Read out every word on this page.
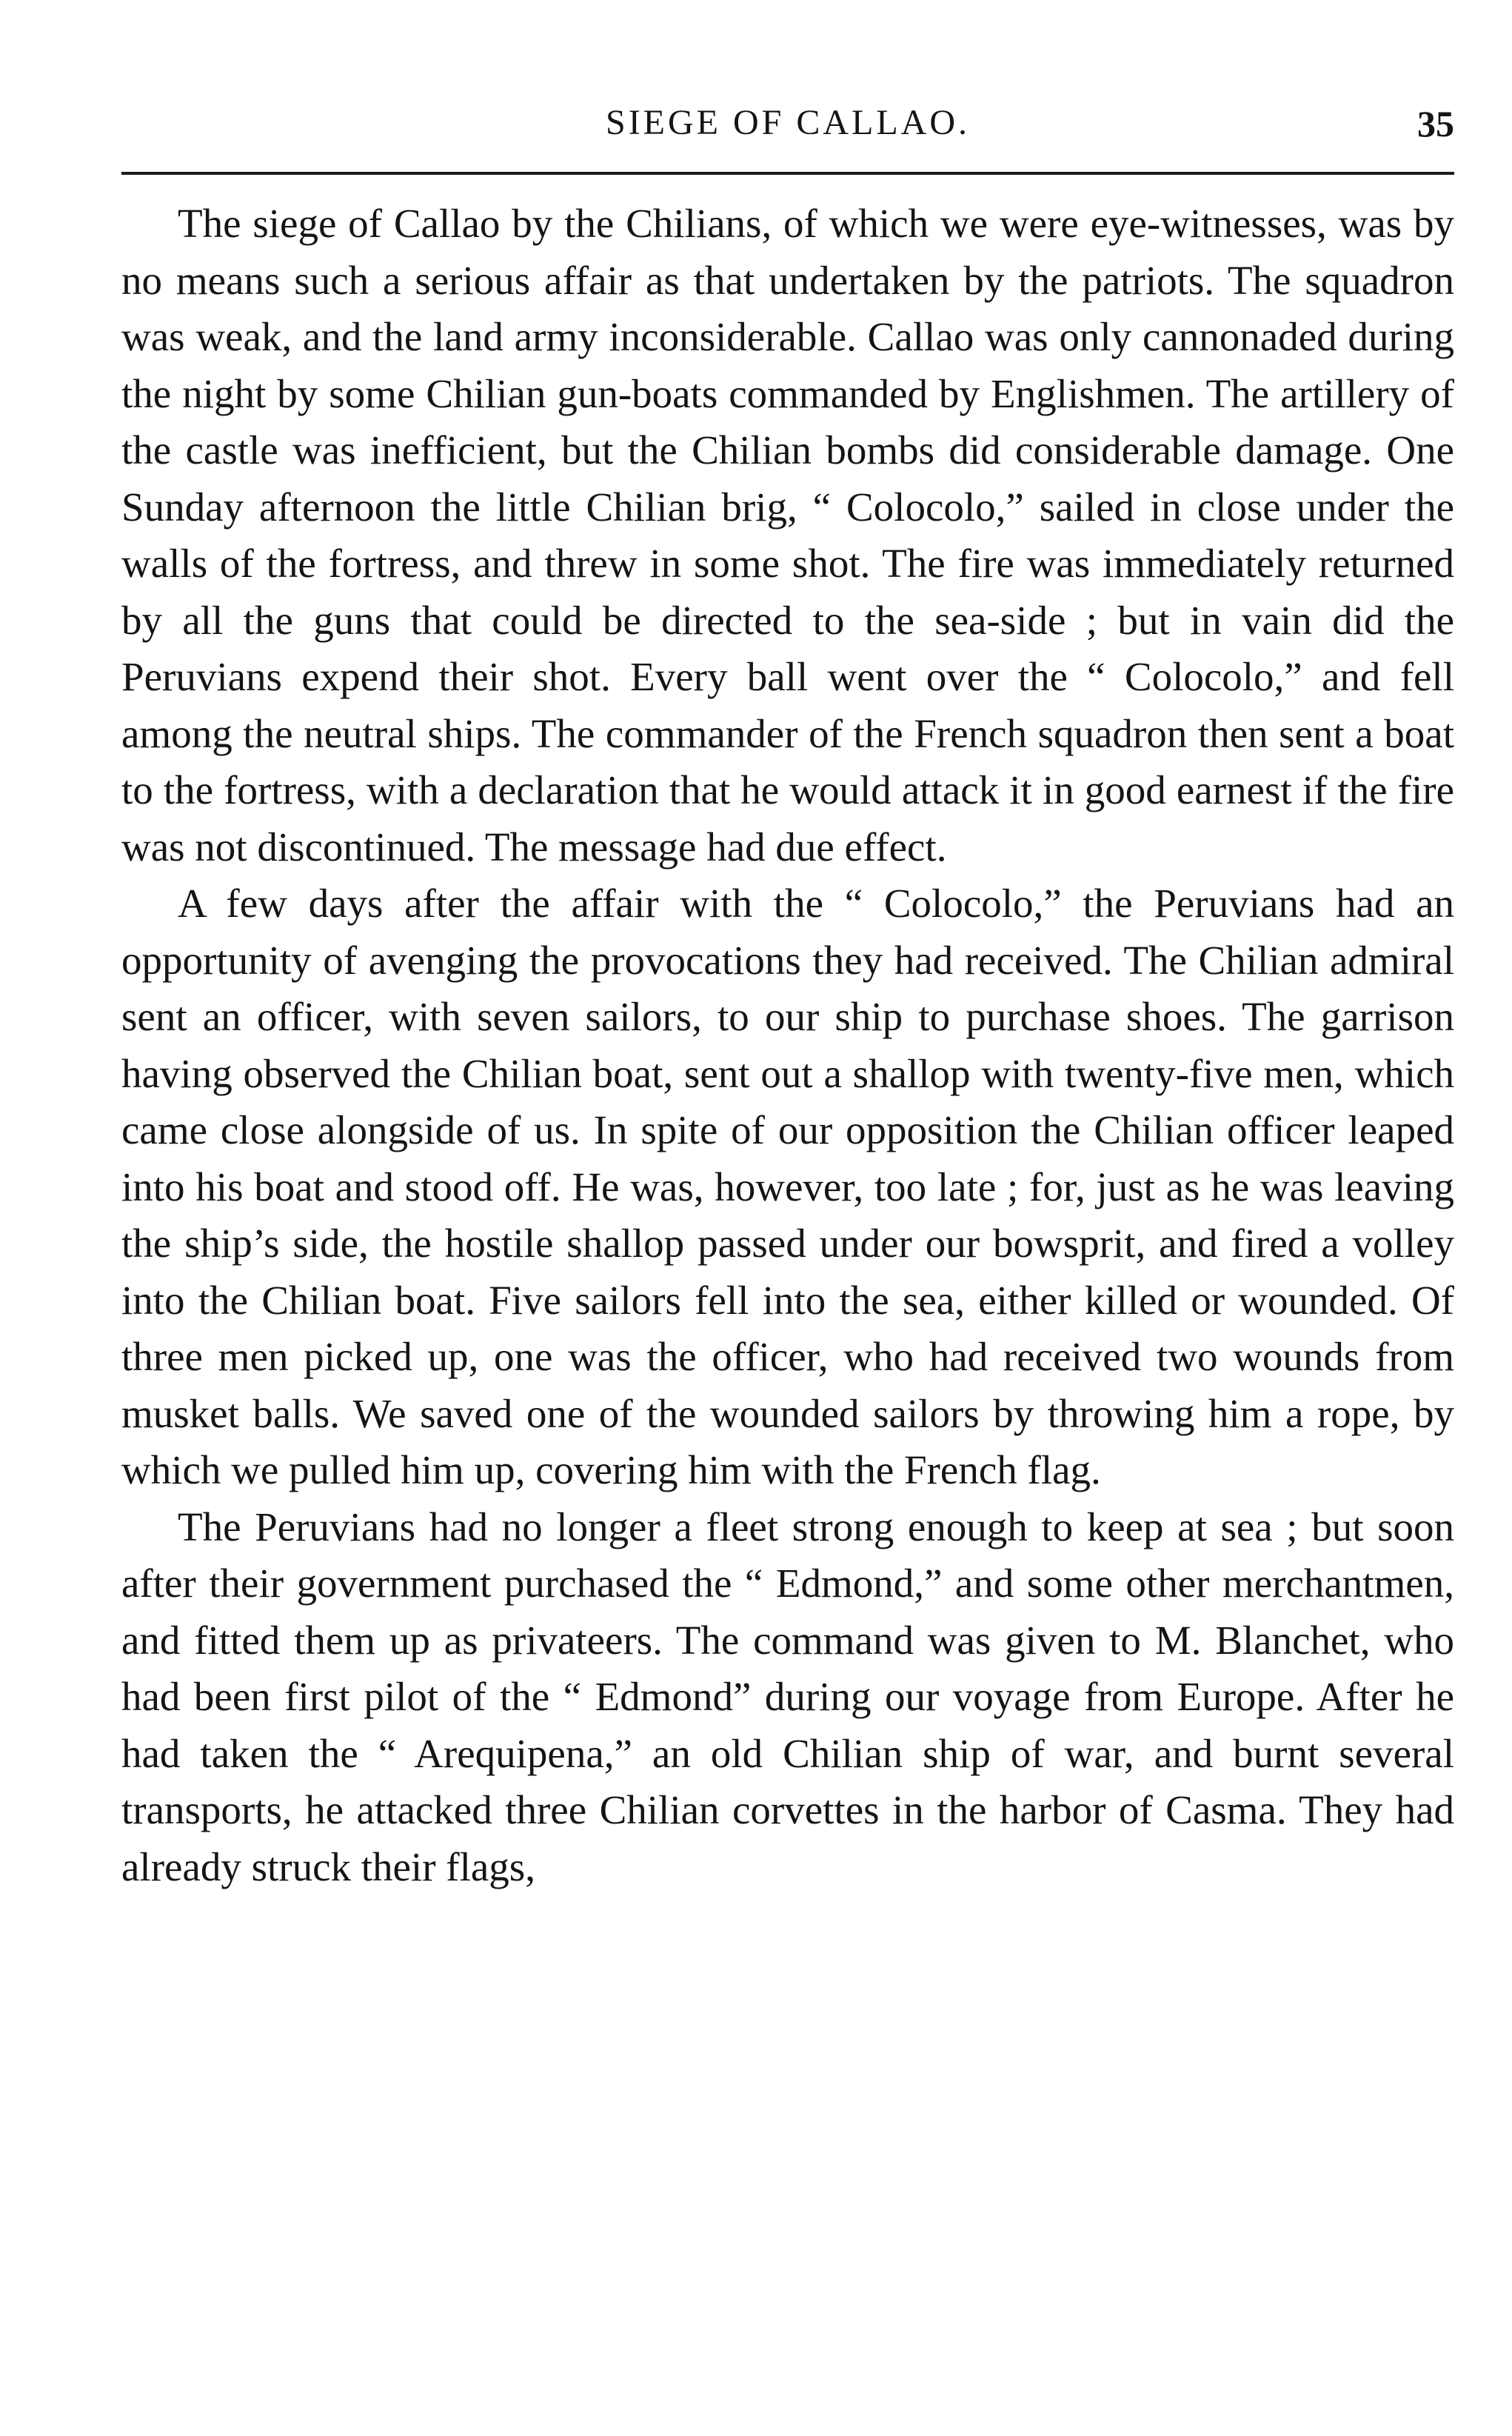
SIEGE OF CALLAO.	35

The siege of Callao by the Chilians, of which we were eye-witnesses, was by no means such a serious affair as that undertaken by the patriots. The squadron was weak, and the land army inconsiderable. Callao was only cannonaded during the night by some Chilian gun-boats commanded by Englishmen. The artillery of the castle was inefficient, but the Chilian bombs did considerable damage. One Sunday afternoon the little Chilian brig, “ Colocolo,” sailed in close under the walls of the fortress, and threw in some shot. The fire was immediately returned by all the guns that could be directed to the sea-side ; but in vain did the Peruvians expend their shot. Every ball went over the “ Colocolo,” and fell among the neutral ships. The commander of the French squadron then sent a boat to the fortress, with a declaration that he would attack it in good earnest if the fire was not discontinued. The message had due effect.

A few days after the affair with the “ Colocolo,” the Peruvians had an opportunity of avenging the provocations they had received. The Chilian admiral sent an officer, with seven sailors, to our ship to purchase shoes. The garrison having observed the Chilian boat, sent out a shallop with twenty-five men, which came close alongside of us. In spite of our opposition the Chilian officer leaped into his boat and stood off. He was, however, too late ; for, just as he was leaving the ship’s side, the hostile shallop passed under our bowsprit, and fired a volley into the Chilian boat. Five sailors fell into the sea, either killed or wounded. Of three men picked up, one was the officer, who had received two wounds from musket balls. We saved one of the wounded sailors by throwing him a rope, by which we pulled him up, covering him with the French flag.

The Peruvians had no longer a fleet strong enough to keep at sea ; but soon after their government purchased the “ Edmond,” and some other merchantmen, and fitted them up as privateers. The command was given to M. Blanchet, who had been first pilot of the “ Edmond” during our voyage from Europe. After he had taken the “ Arequipena,” an old Chilian ship of war, and burnt several transports, he attacked three Chilian corvettes in the harbor of Casma. They had already struck their flags,
